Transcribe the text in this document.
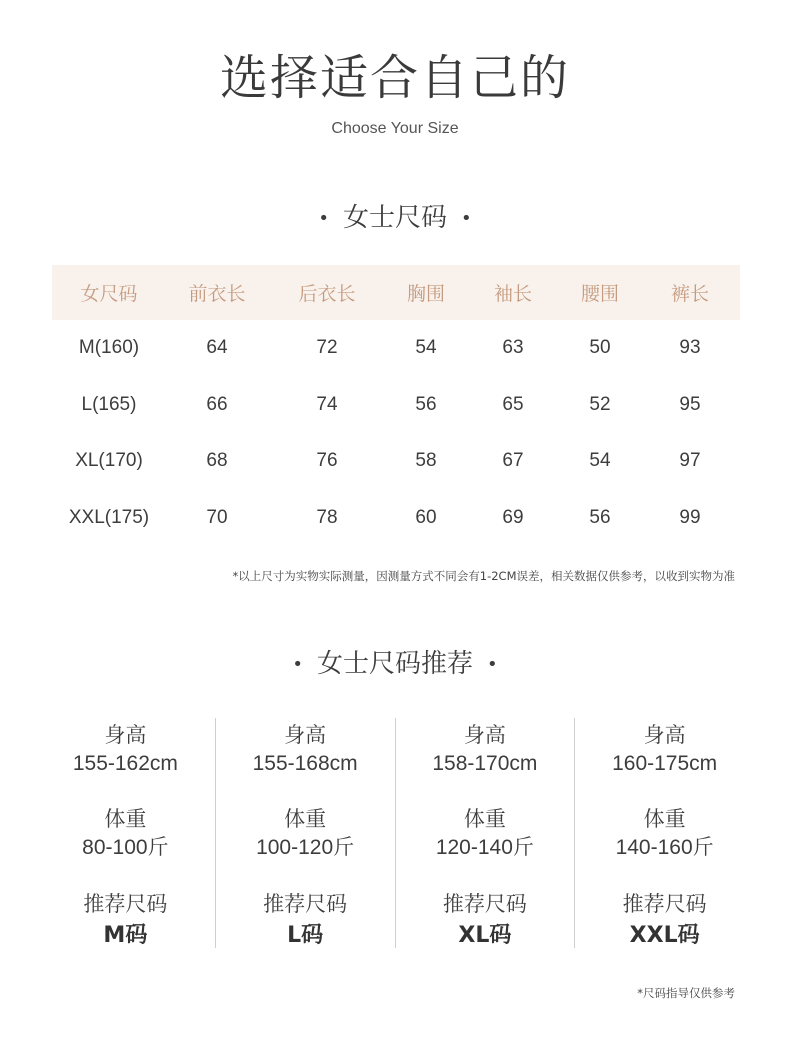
选择适合自己的
Choose Your Size
• 女士尺码 •
女尺码	前衣长	后衣长	胸围	袖长	腰围	裤长
M(160)	64	72	54	63	50	93
L(165)	66	74	56	65	52	95
XL(170)	68	76	58	67	54	97
XXL(175)	70	78	60	69	56	99
*以上尺寸为实物实际测量，因测量方式不同会有1-2CM误差，相关数据仅供参考，以收到实物为准
• 女士尺码推荐 •
身高
155-162cm
体重
80-100斤
推荐尺码
M码
身高
155-168cm
体重
100-120斤
推荐尺码
L码
身高
158-170cm
体重
120-140斤
推荐尺码
XL码
身高
160-175cm
体重
140-160斤
推荐尺码
XXL码
*尺码指导仅供参考
